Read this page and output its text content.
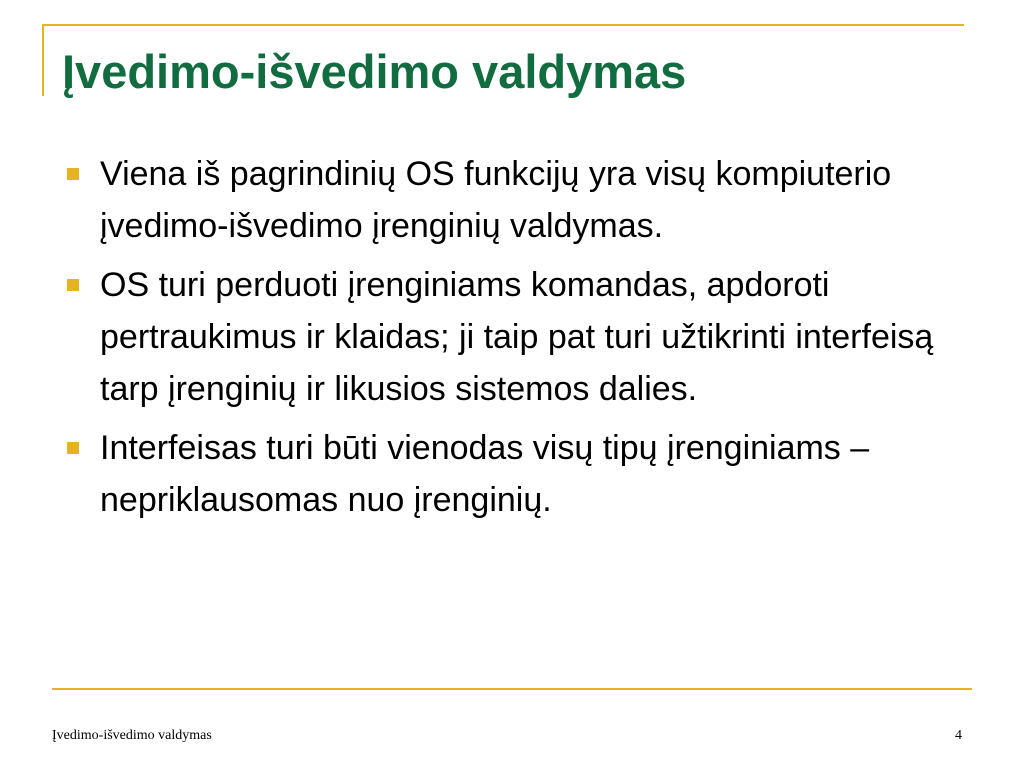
Įvedimo-išvedimo valdymas
Viena iš pagrindinių OS funkcijų yra visų kompiuterio įvedimo-išvedimo įrenginių valdymas.
OS turi perduoti įrenginiams komandas, apdoroti pertraukimus ir klaidas; ji taip pat turi užtikrinti interfeisą tarp įrenginių ir likusios sistemos dalies.
Interfeisas turi būti vienodas visų tipų įrenginiams – nepriklausomas nuo įrenginių.
Įvedimo-išvedimo valdymas	4
